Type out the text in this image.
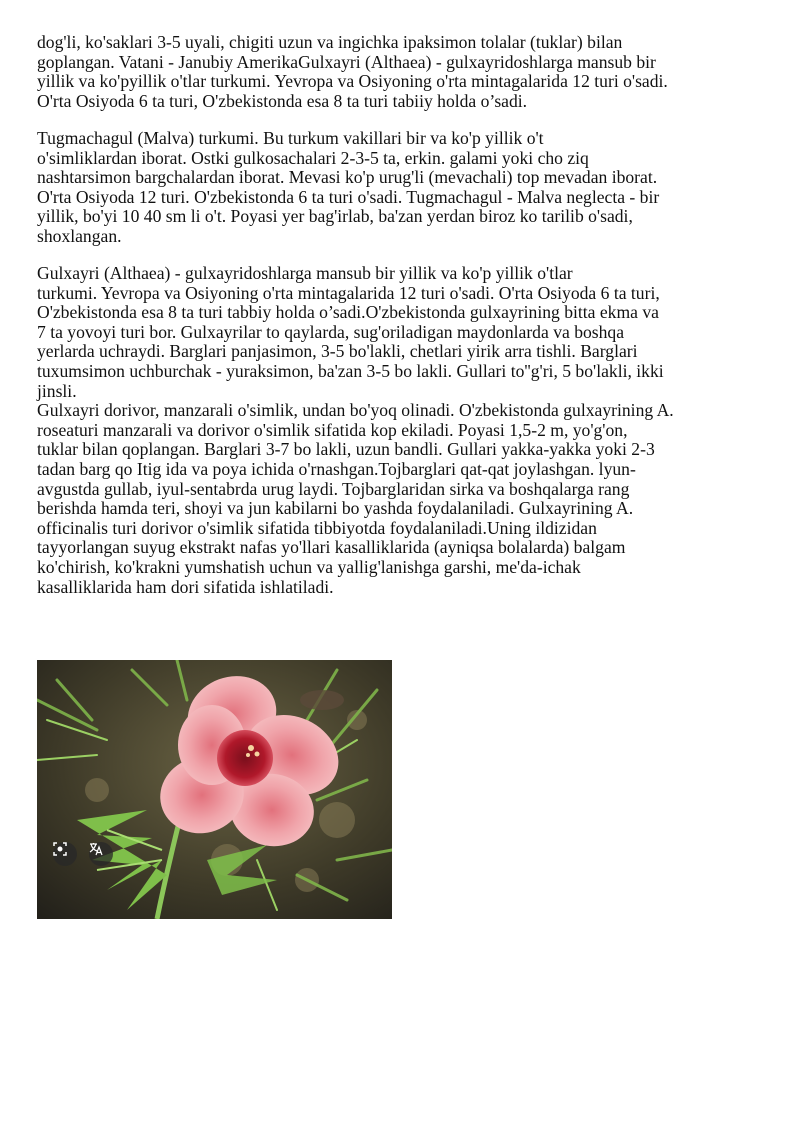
dog'li, ko'saklari 3-5 uyali, chigiti uzun va ingichka ipaksimon tolalar (tuklar) bilan
goplangan. Vatani - Janubiy AmerikaGulxayri (Althaea) - gulxayridoshlarga mansub bir
yillik va ko'pyillik o'tlar turkumi. Yevropa va Osiyoning o'rta mintagalarida 12 turi o'sadi.
O'rta Osiyoda 6 ta turi, O'zbekistonda esa 8 ta turi tabiiy holda o’sadi.

Tugmachagul (Malva) turkumi. Bu turkum vakillari bir va ko'p yillik o't
o'simliklardan iborat. Ostki gulkosachalari 2-3-5 ta, erkin. galami yoki cho ziq
nashtarsimon bargchalardan iborat. Mevasi ko'p urug'li (mevachali) top mevadan iborat.
O'rta Osiyoda 12 turi. O'zbekistonda 6 ta turi o'sadi. Tugmachagul - Malva neglecta - bir
yillik, bo'yi 10 40 sm li o't. Poyasi yer bag'irlab, ba'zan yerdan biroz ko tarilib o'sadi,
shoxlangan.

Gulxayri (Althaea) - gulxayridoshlarga mansub bir yillik va ko'p yillik o'tlar
turkumi. Yevropa va Osiyoning o'rta mintagalarida 12 turi o'sadi. O'rta Osiyoda 6 ta turi,
O'zbekistonda esa 8 ta turi tabbiy holda o’sadi.O'zbekistonda gulxayrining bitta ekma va
7 ta yovoyi turi bor. Gulxayrilar to qaylarda, sug'oriladigan maydonlarda va boshqa
yerlarda uchraydi. Barglari panjasimon, 3-5 bo'lakli, chetlari yirik arra tishli. Barglari
tuxumsimon uchburchak - yuraksimon, ba'zan 3-5 bo lakli. Gullari to''g'ri, 5 bo'lakli, ikki
jinsli.
Gulxayri dorivor, manzarali o'simlik, undan bo'yoq olinadi. O'zbekistonda gulxayrining A.
roseaturi manzarali va dorivor o'simlik sifatida kop ekiladi. Poyasi 1,5-2 m, yo'g'on,
tuklar bilan qoplangan. Barglari 3-7 bo lakli, uzun bandli. Gullari yakka-yakka yoki 2-3
tadan barg qo Itig ida va poya ichida o'rnashgan.Tojbarglari qat-qat joylashgan. lyun-
avgustda gullab, iyul-sentabrda urug laydi. Tojbarglaridan sirka va boshqalarga rang
berishda hamda teri, shoyi va jun kabilarni bo yashda foydalaniladi. Gulxayrining A.
officinalis turi dorivor o'simlik sifatida tibbiyotda foydalaniladi.Uning ildizidan
tayyorlangan suyug ekstrakt nafas yo'llari kasalliklarida (ayniqsa bolalarda) balgam
ko'chirish, ko'krakni yumshatish uchun va yallig'lanishga garshi, me'da-ichak
kasalliklarida ham dori sifatida ishlatiladi.
